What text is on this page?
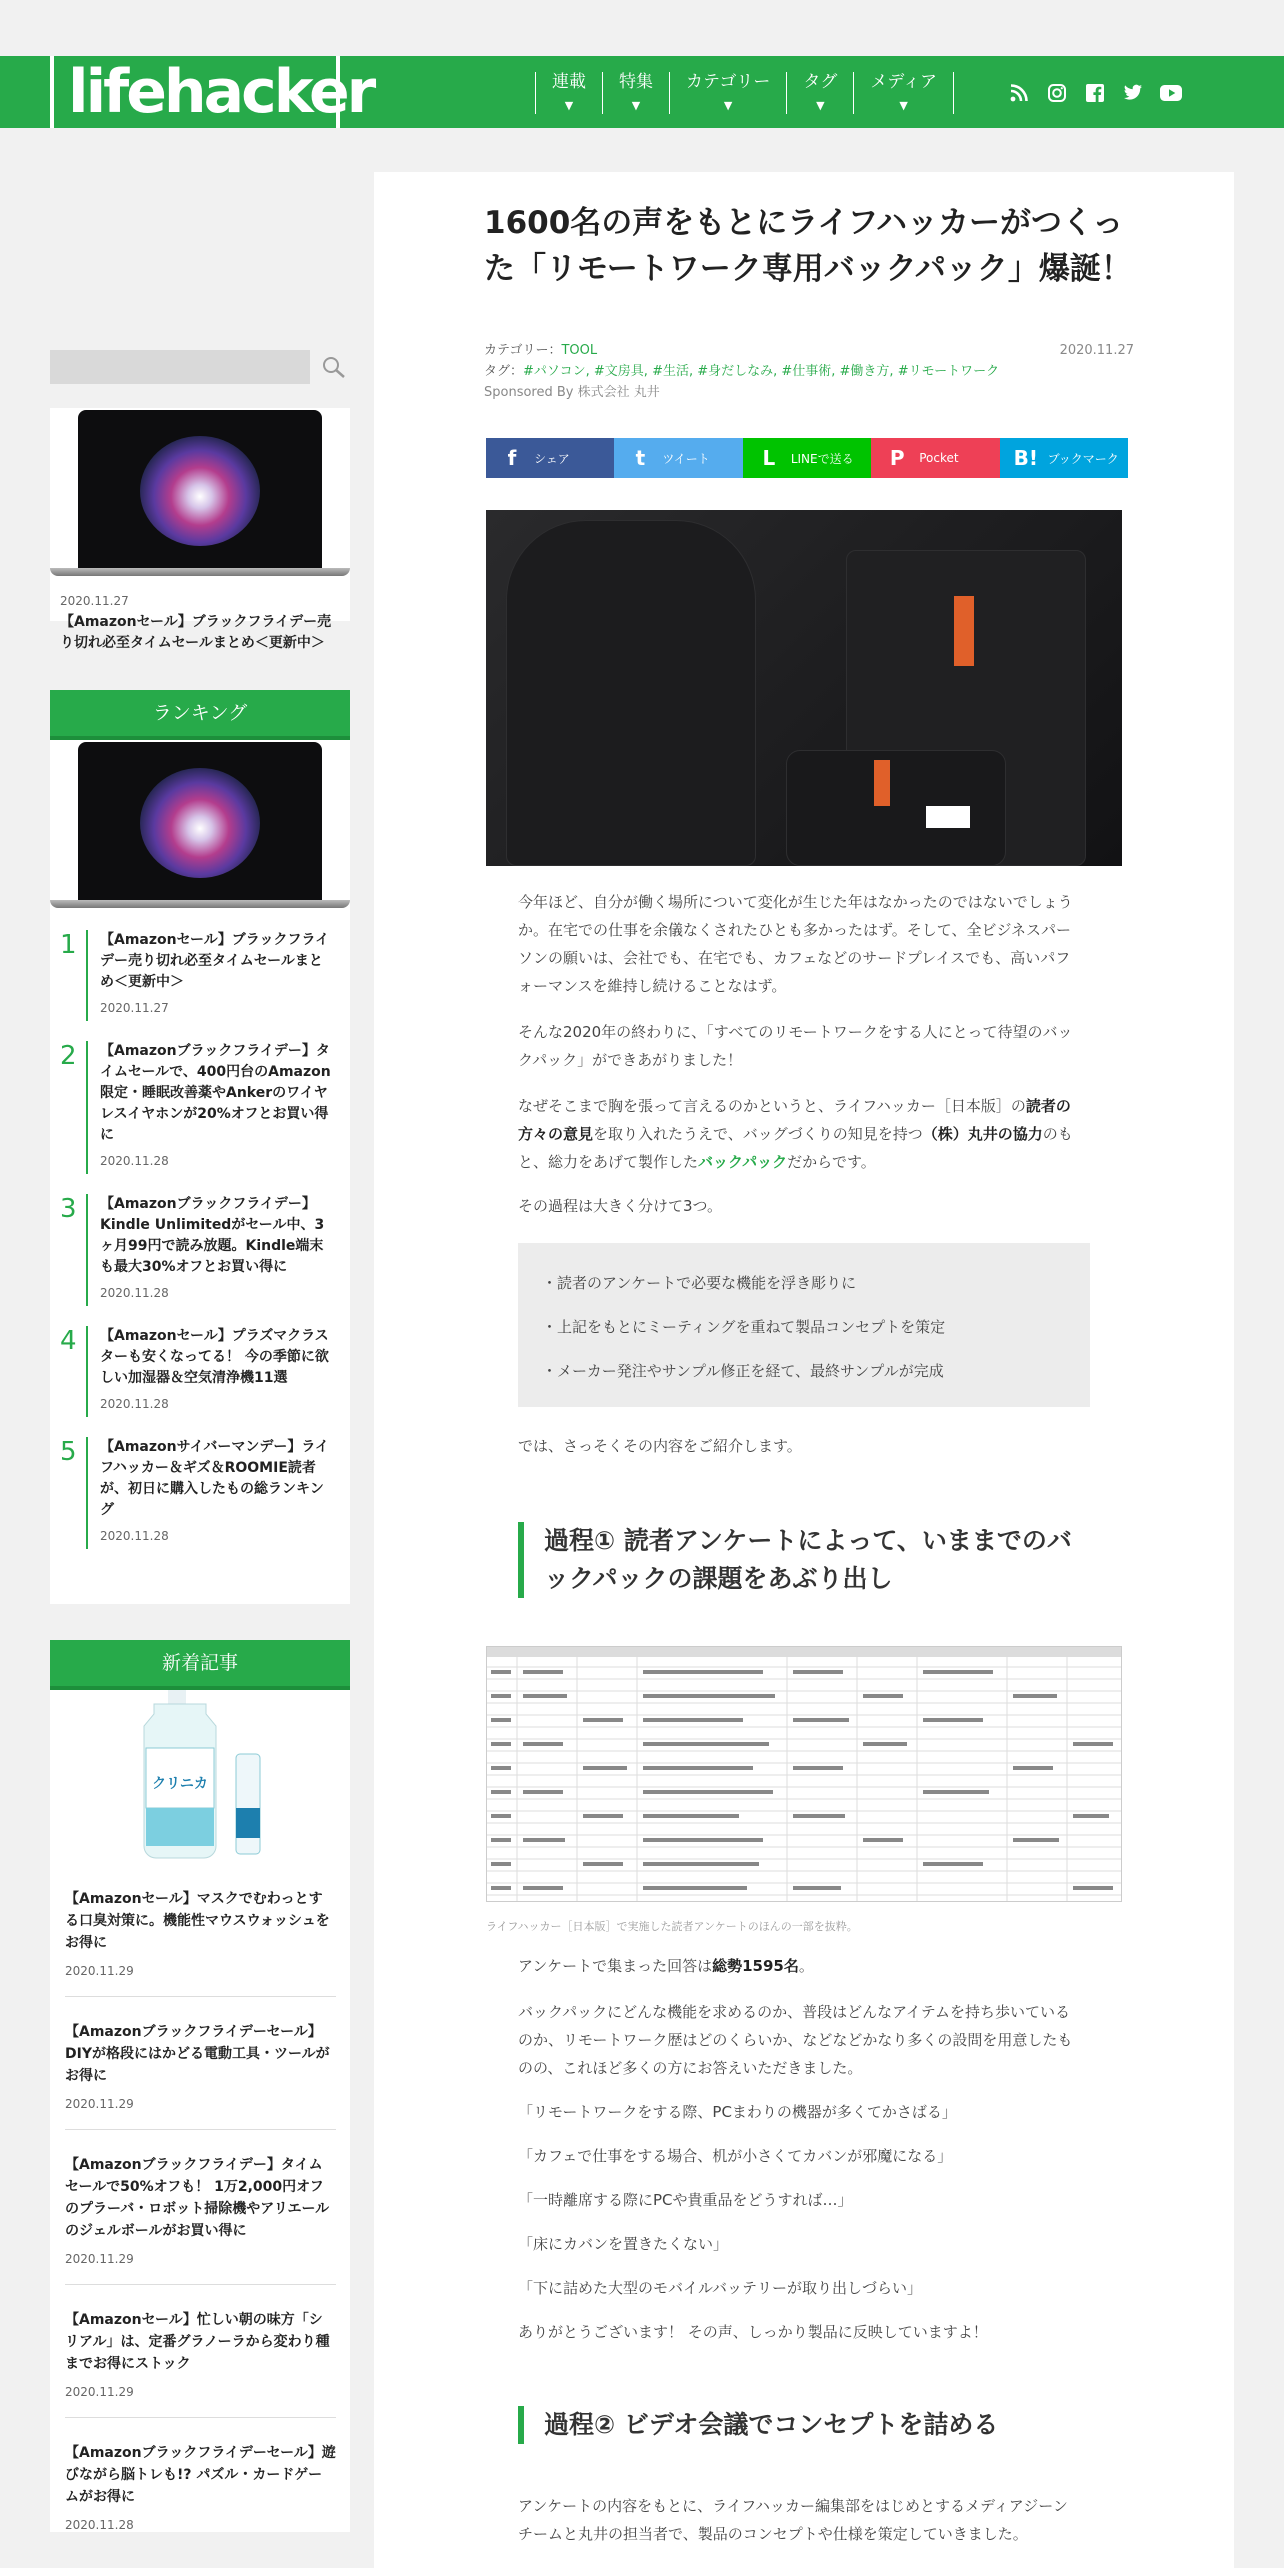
lifehacker	連載
▼
特集
▼
カテゴリー
▼
タグ
▼
メディア
▼
2020.11.27
【Amazonセール】ブラックフライデー売り切れ必至タイムセールまとめ＜更新中＞
ランキング
1	【Amazonセール】ブラックフライデー売り切れ必至タイムセールまとめ＜更新中＞
2020.11.27
2	【Amazonブラックフライデー】タイムセールで、400円台のAmazon限定・睡眠改善薬やAnkerのワイヤレスイヤホンが20%オフとお買い得に
2020.11.28
3	【Amazonブラックフライデー】Kindle Unlimitedがセール中、3ヶ月99円で読み放題。Kindle端末も最大30%オフとお買い得に
2020.11.28
4	【Amazonセール】プラズマクラスターも安くなってる！ 今の季節に欲しい加湿器＆空気清浄機11選
2020.11.28
5	【Amazonサイバーマンデー】ライフハッカー＆ギズ＆ROOMIE読者が、初日に購入したもの総ランキング
2020.11.28
新着記事
クリニカ
【Amazonセール】マスクでむわっとする口臭対策に。機能性マウスウォッシュをお得に
2020.11.29
【Amazonブラックフライデーセール】DIYが格段にはかどる電動工具・ツールがお得に
2020.11.29
【Amazonブラックフライデー】タイムセールで50%オフも！ 1万2,000円オフのプラーバ・ロボット掃除機やアリエールのジェルボールがお買い得に
2020.11.29
【Amazonセール】忙しい朝の味方「シリアル」は、定番グラノーラから変わり種までお得にストック
2020.11.29
【Amazonブラックフライデーセール】遊びながら脳トレも!? パズル・カードゲームがお得に
2020.11.28
1600名の声をもとにライフハッカーがつくった「リモートワーク専用バックパック」爆誕！
カテゴリー：TOOL	2020.11.27
タグ：#パソコン, #文房具, #生活, #身だしなみ, #仕事術, #働き方, #リモートワーク
Sponsored By 株式会社 丸井
f	シェア	t	ツイート	L	LINEで送る P	Pocket	B! ブックマーク

今年ほど、自分が働く場所について変化が生じた年はなかったのではないでしょうか。在宅での仕事を余儀なくされたひとも多かったはず。そして、全ビジネスパーソンの願いは、会社でも、在宅でも、カフェなどのサードプレイスでも、高いパフォーマンスを維持し続けることなはず。

そんな2020年の終わりに、「すべてのリモートワークをする人にとって待望のバックパック」ができあがりました！

なぜそこまで胸を張って言えるのかというと、ライフハッカー［日本版］の読者の方々の意見を取り入れたうえで、バッグづくりの知見を持つ（株）丸井の協力のもと、総力をあげて製作したバックパックだからです。

その過程は大きく分けて3つ。

・読者のアンケートで必要な機能を浮き彫りに
・上記をもとにミーティングを重ねて製品コンセプトを策定
・メーカー発注やサンプル修正を経て、最終サンプルが完成

では、さっそくその内容をご紹介します。

過程① 読者アンケートによって、いままでのバックパックの課題をあぶり出し
ライフハッカー［日本版］で実施した読者アンケートのほんの一部を抜粋。

アンケートで集まった回答は総勢1595名。

バックパックにどんな機能を求めるのか、普段はどんなアイテムを持ち歩いているのか、リモートワーク歴はどのくらいか、などなどかなり多くの設問を用意したものの、これほど多くの方にお答えいただきました。

「リモートワークをする際、PCまわりの機器が多くてかさばる」

「カフェで仕事をする場合、机が小さくてカバンが邪魔になる」

「一時離席する際にPCや貴重品をどうすれば…」

「床にカバンを置きたくない」

「下に詰めた大型のモバイルバッテリーが取り出しづらい」

ありがとうございます！ その声、しっかり製品に反映していますよ！

過程② ビデオ会議でコンセプトを詰める

アンケートの内容をもとに、ライフハッカー編集部をはじめとするメディアジーンチームと丸井の担当者で、製品のコンセプトや仕様を策定していきました。
